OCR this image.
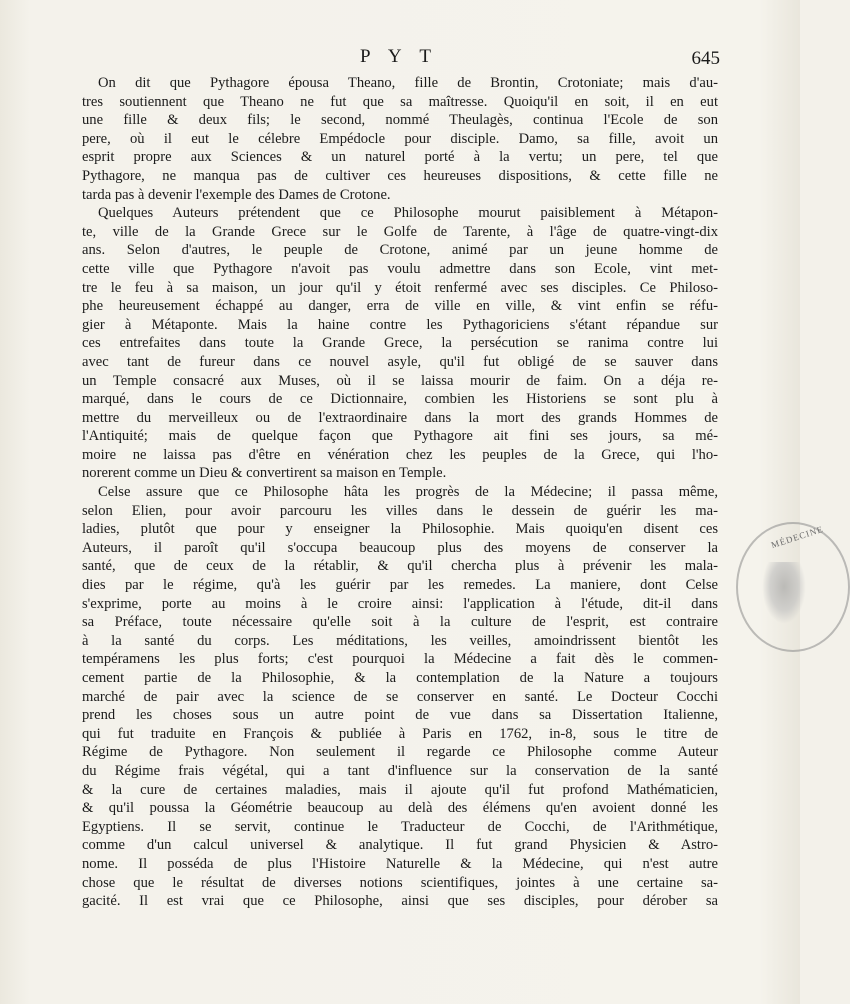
P Y T	645
On dit que Pythagore épousa Theano, fille de Brontin, Crotoniate; mais d'au-
tres soutiennent que Theano ne fut que sa maîtresse. Quoiqu'il en soit, il en eut
une fille & deux fils; le second, nommé Theulagès, continua l'Ecole de son
pere, où il eut le célebre Empédocle pour disciple. Damo, sa fille, avoit un
esprit propre aux Sciences & un naturel porté à la vertu; un pere, tel que
Pythagore, ne manqua pas de cultiver ces heureuses dispositions, & cette fille ne
tarda pas à devenir l'exemple des Dames de Crotone.
Quelques Auteurs prétendent que ce Philosophe mourut paisiblement à Métapon-
te, ville de la Grande Grece sur le Golfe de Tarente, à l'âge de quatre-vingt-dix
ans. Selon d'autres, le peuple de Crotone, animé par un jeune homme de
cette ville que Pythagore n'avoit pas voulu admettre dans son Ecole, vint met-
tre le feu à sa maison, un jour qu'il y étoit renfermé avec ses disciples. Ce Philoso-
phe heureusement échappé au danger, erra de ville en ville, & vint enfin se réfu-
gier à Métaponte. Mais la haine contre les Pythagoriciens s'étant répandue sur
ces entrefaites dans toute la Grande Grece, la persécution se ranima contre lui
avec tant de fureur dans ce nouvel asyle, qu'il fut obligé de se sauver dans
un Temple consacré aux Muses, où il se laissa mourir de faim. On a déja re-
marqué, dans le cours de ce Dictionnaire, combien les Historiens se sont plu à
mettre du merveilleux ou de l'extraordinaire dans la mort des grands Hommes de
l'Antiquité; mais de quelque façon que Pythagore ait fini ses jours, sa mé-
moire ne laissa pas d'être en vénération chez les peuples de la Grece, qui l'ho-
norerent comme un Dieu & convertirent sa maison en Temple.
Celse assure que ce Philosophe hâta les progrès de la Médecine; il passa même,
selon Elien, pour avoir parcouru les villes dans le dessein de guérir les ma-
ladies, plutôt que pour y enseigner la Philosophie. Mais quoiqu'en disent ces
Auteurs, il paroît qu'il s'occupa beaucoup plus des moyens de conserver la
santé, que de ceux de la rétablir, & qu'il chercha plus à prévenir les mala-
dies par le régime, qu'à les guérir par les remedes. La maniere, dont Celse
s'exprime, porte au moins à le croire ainsi: l'application à l'étude, dit-il dans
sa Préface, toute nécessaire qu'elle soit à la culture de l'esprit, est contraire
à la santé du corps. Les méditations, les veilles, amoindrissent bientôt les
tempéramens les plus forts; c'est pourquoi la Médecine a fait dès le commen-
cement partie de la Philosophie, & la contemplation de la Nature a toujours
marché de pair avec la science de se conserver en santé. Le Docteur Cocchi
prend les choses sous un autre point de vue dans sa Dissertation Italienne,
qui fut traduite en François & publiée à Paris en 1762, in-8, sous le titre de
Régime de Pythagore. Non seulement il regarde ce Philosophe comme Auteur
du Régime frais végétal, qui a tant d'influence sur la conservation de la santé
& la cure de certaines maladies, mais il ajoute qu'il fut profond Mathématicien,
& qu'il poussa la Géométrie beaucoup au delà des élémens qu'en avoient donné les
Egyptiens. Il se servit, continue le Traducteur de Cocchi, de l'Arithmétique,
comme d'un calcul universel & analytique. Il fut grand Physicien & Astro-
nome. Il posséda de plus l'Histoire Naturelle & la Médecine, qui n'est autre
chose que le résultat de diverses notions scientifiques, jointes à une certaine sa-
gacité. Il est vrai que ce Philosophe, ainsi que ses disciples, pour dérober sa
MÉDECINE
